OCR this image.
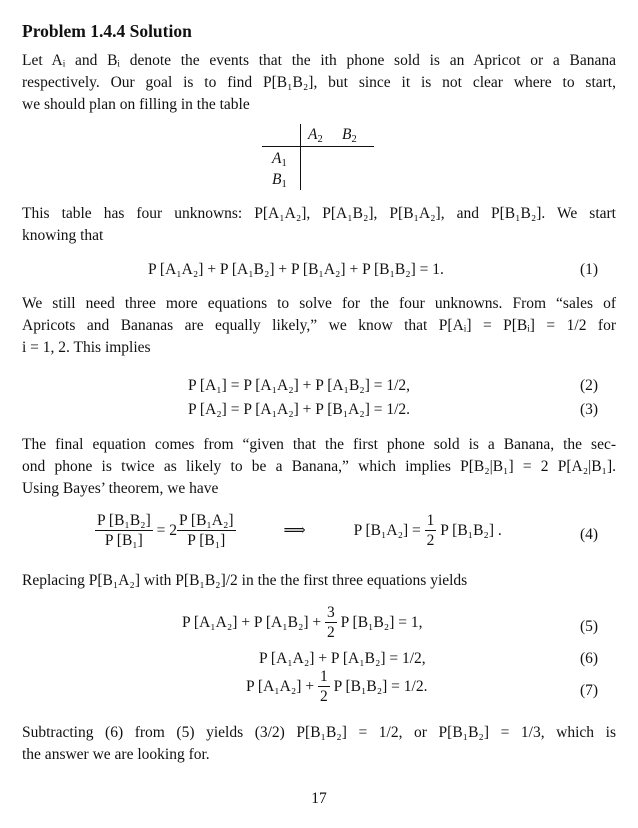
Problem 1.4.4 Solution
Let Aᵢ and Bᵢ denote the events that the ith phone sold is an Apricot or a Banana
respectively. Our goal is to find P[B₁B₂], but since it is not clear where to start,
we should plan on filling in the table
$A_2$ $B_2$
$A_1$
$B_1$
This table has four unknowns: P[A₁A₂], P[A₁B₂], P[B₁A₂], and P[B₁B₂]. We start
knowing that
P [A₁A₂] + P [A₁B₂] + P [B₁A₂] + P [B₁B₂] = 1.	(1)
We still need three more equations to solve for the four unknowns. From “sales of
Apricots and Bananas are equally likely,” we know that P[Aᵢ] = P[Bᵢ] = 1/2 for
i = 1, 2. This implies
P [A₁] = P [A₁A₂] + P [A₁B₂] = 1/2,	(2)
P [A₂] = P [A₁A₂] + P [B₁A₂] = 1/2.	(3)
The final equation comes from “given that the first phone sold is a Banana, the sec-
ond phone is twice as likely to be a Banana,” which implies P[B₂|B₁] = 2 P[A₂|B₁].
Using Bayes’ theorem, we have
$\frac{\text{P [B₁B₂]}}{\text{P [B₁]}} = 2 \frac{\text{P [B₁A₂]}}{\text{P [B₁]}}$	⟹	P $[B_1A_2] = \frac{1}{2}$ P [B₁B₂] .	(4)
Replacing P[B₁A₂] with P[B₁B₂]/2 in the the first three equations yields
P [A₁A₂] + P $[A_1B_2] + \frac{3}{2}$ P [B₁B₂] = 1,	(5)
P [A₁A₂] + P [A₁B₂] = 1/2,	(6)
P $[A_1A_2] + \frac{1}{2}$ P [B₁B₂] = 1/2.	(7)
Subtracting (6) from (5) yields (3/2) P[B₁B₂] = 1/2, or P[B₁B₂] = 1/3, which is
the answer we are looking for.
17
